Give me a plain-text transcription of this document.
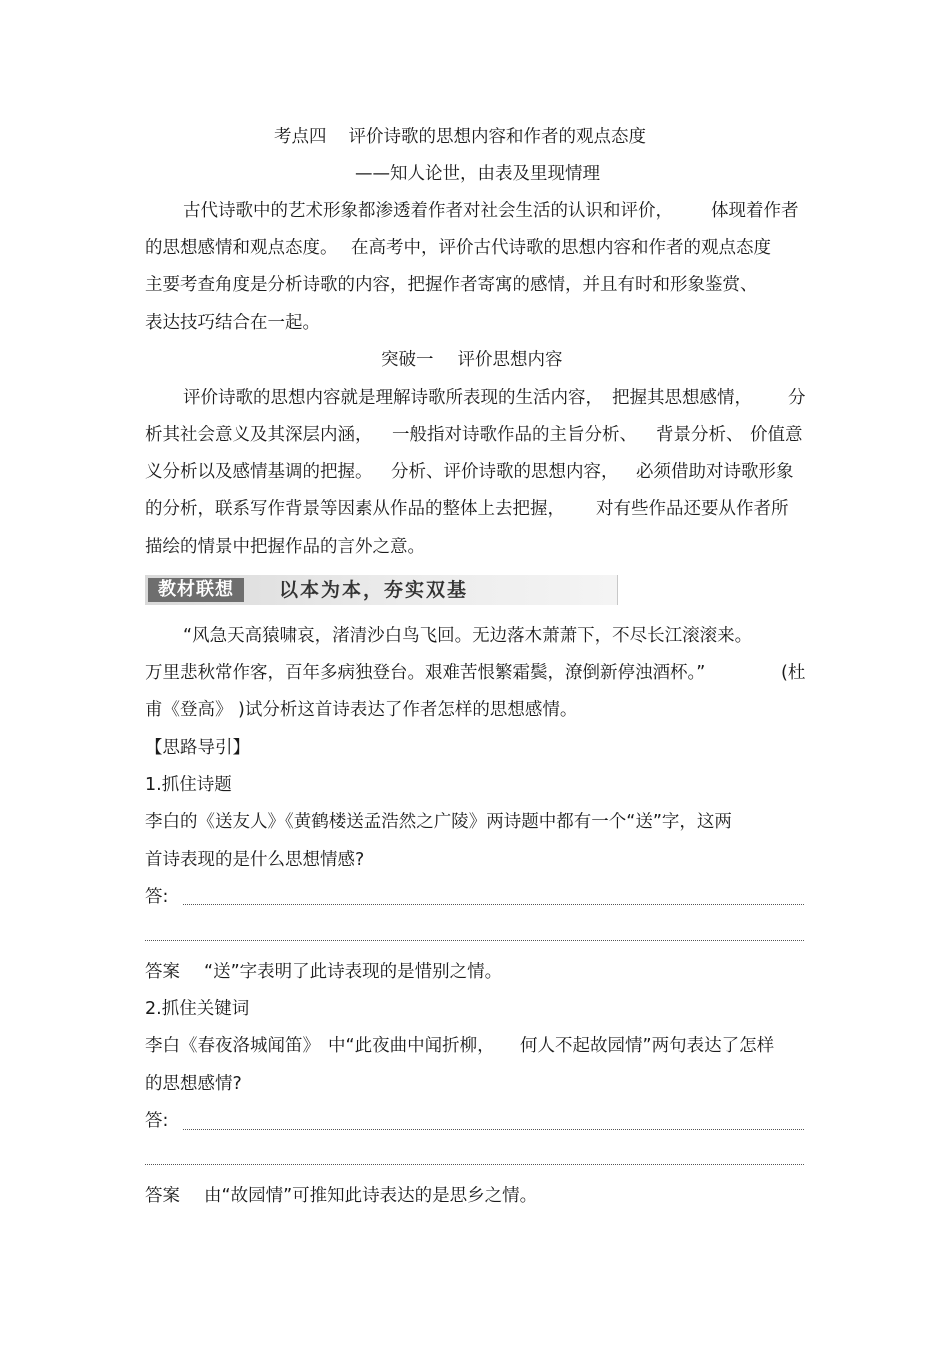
考点四 评价诗歌的思想内容和作者的观点态度
——知人论世，由表及里现情理
古代诗歌中的艺术形象都渗透着作者对社会生活的认识和评价， 体现着作者
的思想感情和观点态度。 在高考中，评价古代诗歌的思想内容和作者的观点态度
主要考查角度是分析诗歌的内容，把握作者寄寓的感情，并且有时和形象鉴赏、
表达技巧结合在一起。
突破一 评价思想内容
评价诗歌的思想内容就是理解诗歌所表现的生活内容， 把握其思想感情， 分
析其社会意义及其深层内涵， 一般指对诗歌作品的主旨分析、 背景分析、 价值意
义分析以及感情基调的把握。 分析、评价诗歌的思想内容， 必须借助对诗歌形象
的分析，联系写作背景等因素从作品的整体上去把握， 对有些作品还要从作者所
描绘的情景中把握作品的言外之意。
教材联想	以本为本，夯实双基
“风急天高猿啸哀，渚清沙白鸟飞回。无边落木萧萧下，不尽长江滚滚来。
万里悲秋常作客，百年多病独登台。艰难苦恨繁霜鬓，潦倒新停浊酒杯。”	(杜
甫《登高》 )试分析这首诗表达了作者怎样的思想感情。
【思路导引】
1.抓住诗题
李白的《送友人》《黄鹤楼送孟浩然之广陵》两诗题中都有一个“送”字，这两
首诗表现的是什么思想情感?
答:
答案 “送”字表明了此诗表现的是惜别之情。
2.抓住关键词
李白《春夜洛城闻笛》 中“此夜曲中闻折柳， 何人不起故园情”两句表达了怎样
的思想感情?
答:
答案 由“故园情”可推知此诗表达的是思乡之情。
